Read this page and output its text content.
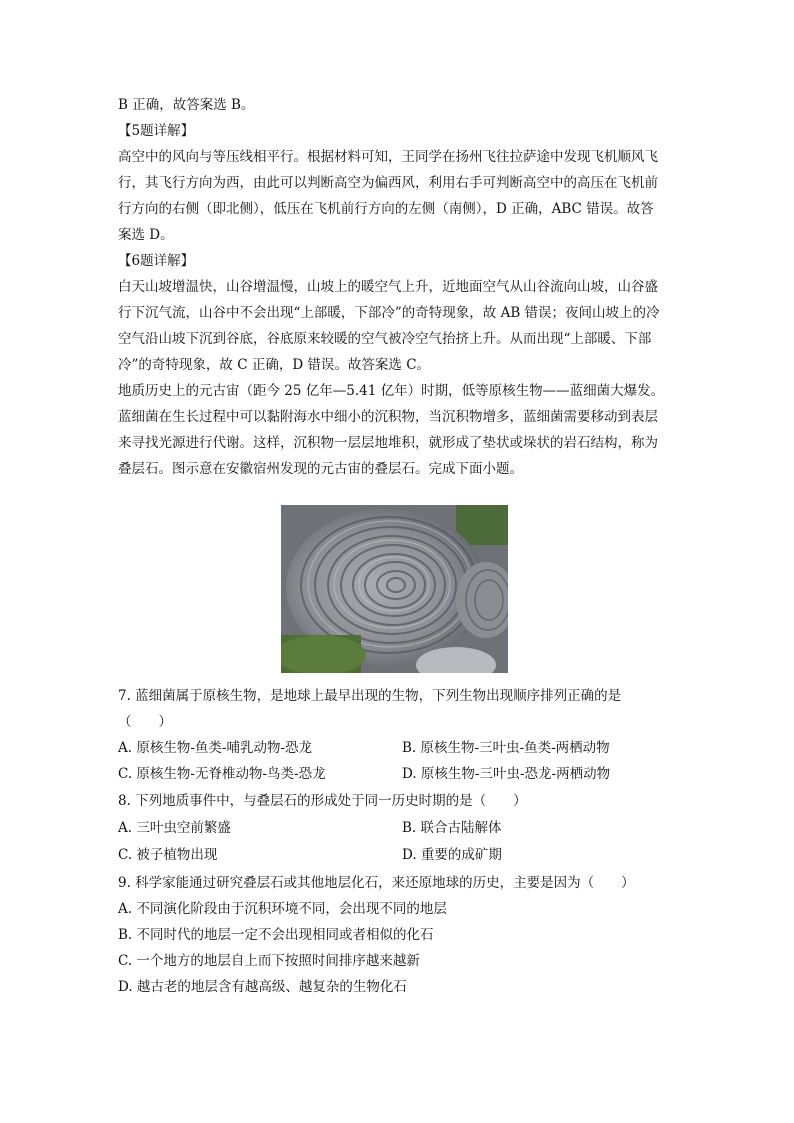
B 正确，故答案选 B。
【5题详解】
高空中的风向与等压线相平行。根据材料可知，王同学在扬州飞往拉萨途中发现飞机顺风飞
行，其飞行方向为西，由此可以判断高空为偏西风，利用右手可判断高空中的高压在飞机前
行方向的右侧（即北侧），低压在飞机前行方向的左侧（南侧），D 正确，ABC 错误。故答
案选 D。
【6题详解】
白天山坡增温快，山谷增温慢，山坡上的暖空气上升，近地面空气从山谷流向山坡，山谷盛
行下沉气流，山谷中不会出现“上部暖，下部冷”的奇特现象，故 AB 错误；夜间山坡上的冷
空气沿山坡下沉到谷底，谷底原来较暖的空气被冷空气抬挤上升。从而出现“上部暖、下部
冷”的奇特现象，故 C 正确，D 错误。故答案选 C。
地质历史上的元古宙（距今 25 亿年—5.41 亿年）时期，低等原核生物——蓝细菌大爆发。
蓝细菌在生长过程中可以黏附海水中细小的沉积物，当沉积物增多，蓝细菌需要移动到表层
来寻找光源进行代谢。这样，沉积物一层层地堆积，就形成了垫状或垛状的岩石结构，称为
叠层石。图示意在安徽宿州发现的元古宙的叠层石。完成下面小题。
7. 蓝细菌属于原核生物，是地球上最早出现的生物，下列生物出现顺序排列正确的是
（　　）
A. 原核生物-鱼类-哺乳动物-恐龙	B. 原核生物-三叶虫-鱼类-两栖动物
C. 原核生物-无脊椎动物-鸟类-恐龙	D. 原核生物-三叶虫-恐龙-两栖动物
8. 下列地质事件中，与叠层石的形成处于同一历史时期的是（　　）
A. 三叶虫空前繁盛	B. 联合古陆解体
C. 被子植物出现	D. 重要的成矿期
9. 科学家能通过研究叠层石或其他地层化石，来还原地球的历史，主要是因为（　　）
A. 不同演化阶段由于沉积环境不同，会出现不同的地层
B. 不同时代的地层一定不会出现相同或者相似的化石
C. 一个地方的地层自上而下按照时间排序越来越新
D. 越古老的地层含有越高级、越复杂的生物化石
